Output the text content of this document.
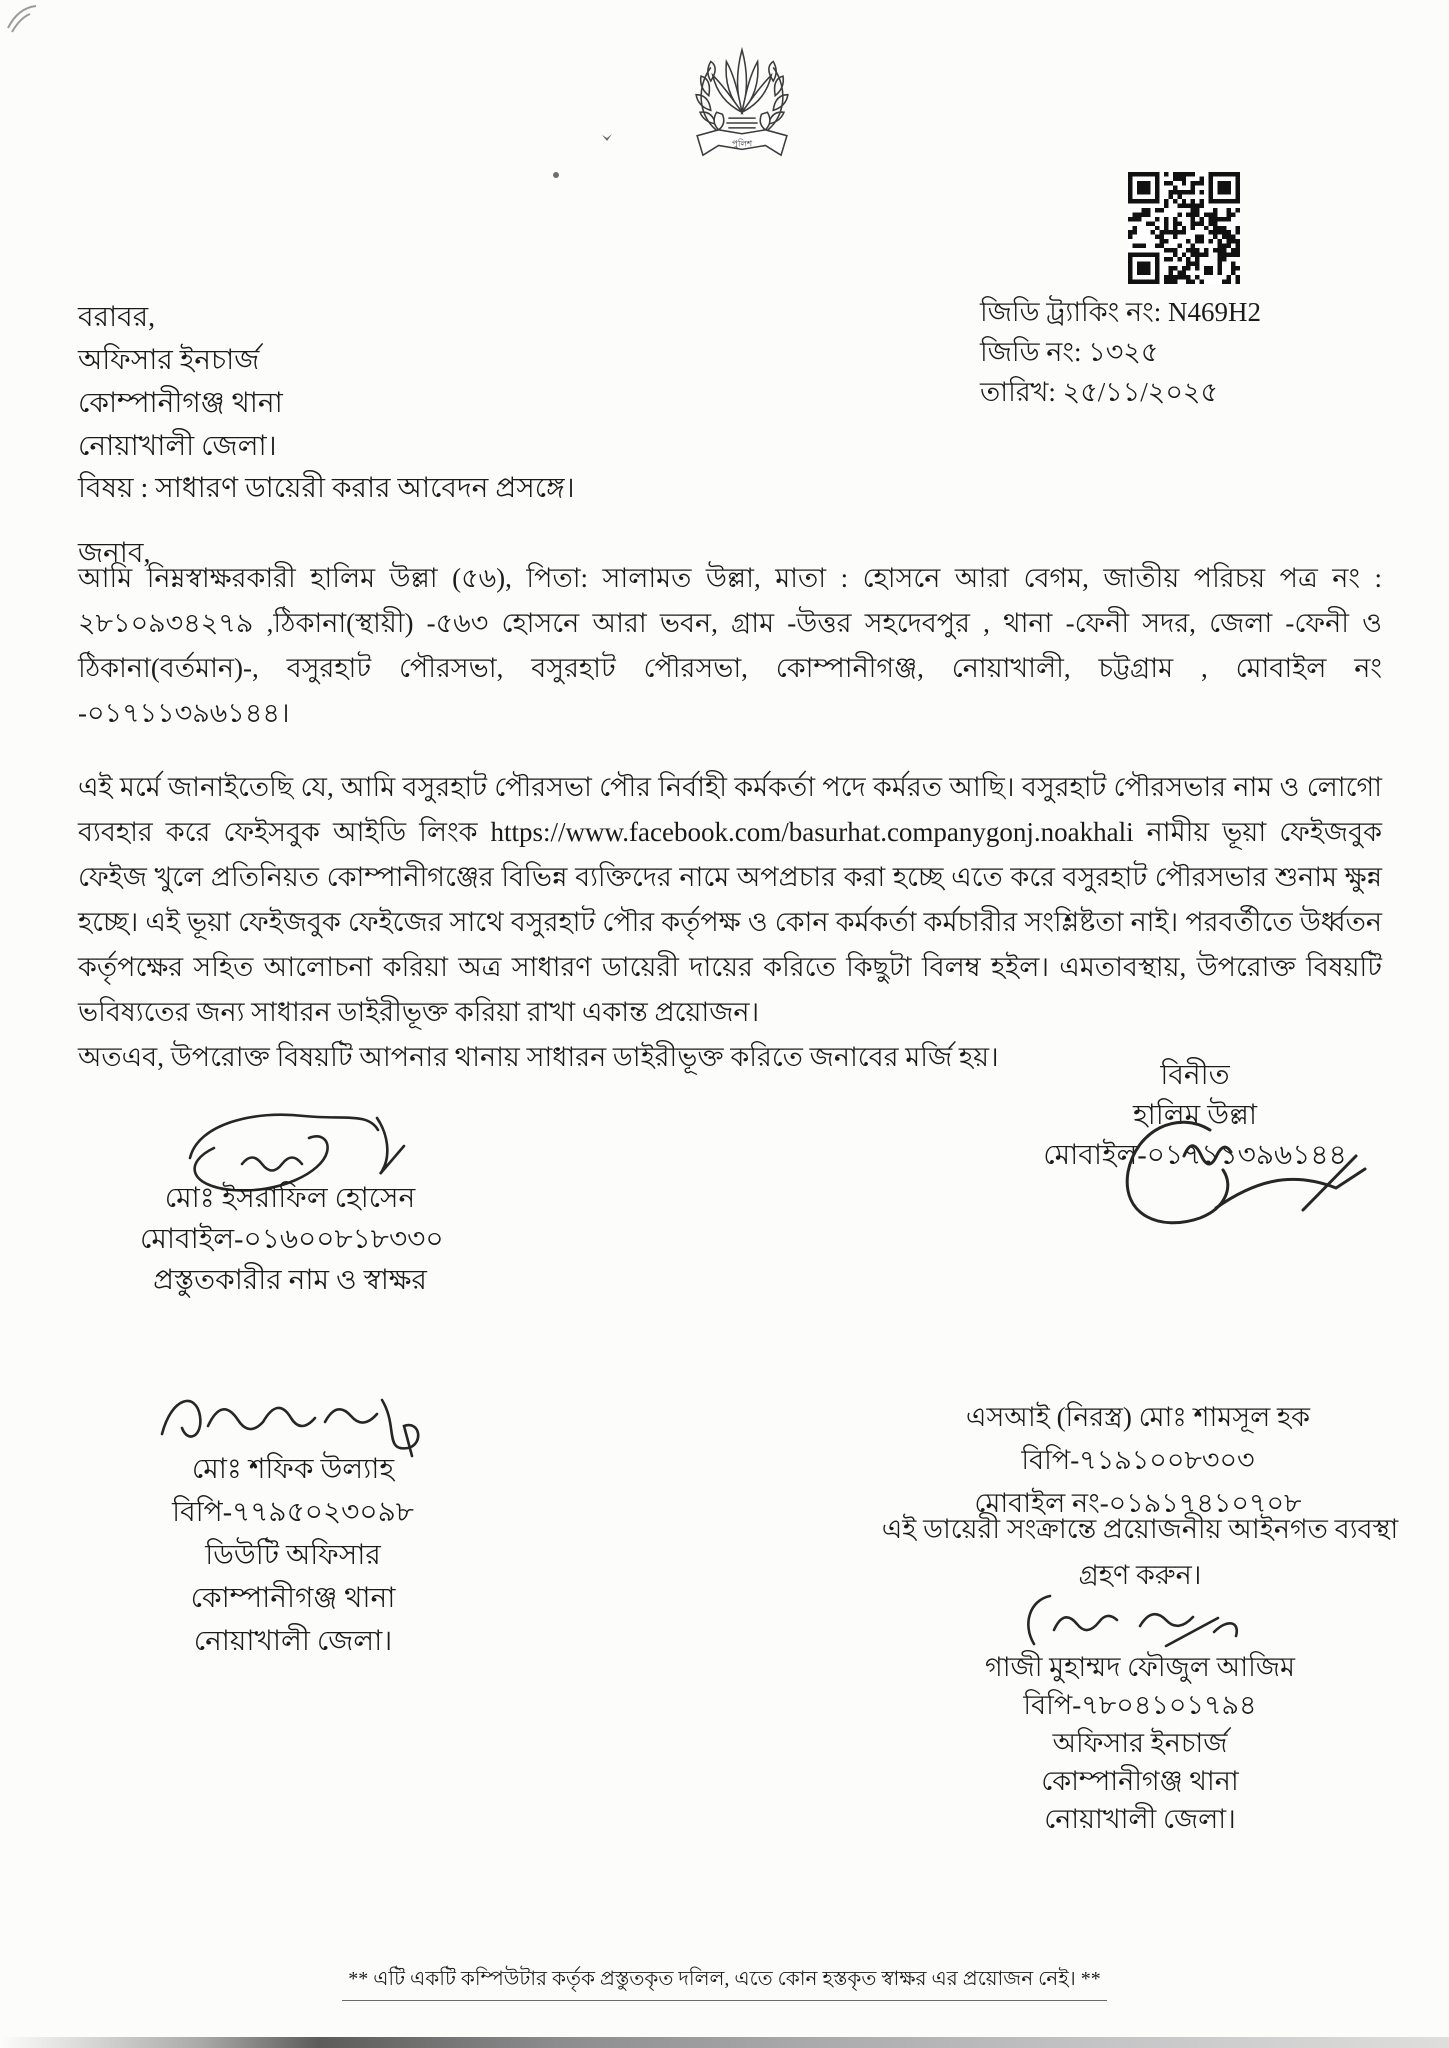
পুলিশ
জিডি ট্র্যাকিং নং: N469H2
জিডি নং: ১৩২৫
তারিখ: ২৫/১১/২০২৫
বরাবর,
অফিসার ইনচার্জ
কোম্পানীগঞ্জ থানা
নোয়াখালী জেলা।
বিষয় : সাধারণ ডায়েরী করার আবেদন প্রসঙ্গে।
জনাব,
আমি নিম্নস্বাক্ষরকারী হালিম উল্লা (৫৬), পিতা: সালামত উল্লা, মাতা : হোসনে আরা বেগম, জাতীয় পরিচয় পত্র নং : ২৮১০৯৩৪২৭৯ ,ঠিকানা(স্থায়ী) -৫৬৩ হোসনে আরা ভবন, গ্রাম -উত্তর সহদেবপুর , থানা -ফেনী সদর, জেলা -ফেনী ও ঠিকানা(বর্তমান)-, বসুরহাট পৌরসভা, বসুরহাট পৌরসভা, কোম্পানীগঞ্জ, নোয়াখালী, চট্টগ্রাম , মোবাইল নং -০১৭১১৩৯৬১৪৪।

এই মর্মে জানাইতেছি যে, আমি বসুরহাট পৌরসভা পৌর নির্বাহী কর্মকর্তা পদে কর্মরত আছি। বসুরহাট পৌরসভার নাম ও লোগো ব্যবহার করে ফেইসবুক আইডি লিংক https://www.facebook.com/basurhat.companygonj.noakhali নামীয় ভূয়া ফেইজবুক ফেইজ খুলে প্রতিনিয়ত কোম্পানীগঞ্জের বিভিন্ন ব্যক্তিদের নামে অপপ্রচার করা হচ্ছে এতে করে বসুরহাট পৌরসভার শুনাম ক্ষুন্ন হচ্ছে। এই ভূয়া ফেইজবুক ফেইজের সাথে বসুরহাট পৌর কর্তৃপক্ষ ও কোন কর্মকর্তা কর্মচারীর সংশ্লিষ্টতা নাই। পরবর্তীতে উর্ধ্বতন কর্তৃপক্ষের সহিত আলোচনা করিয়া অত্র সাধারণ ডায়েরী দায়ের করিতে কিছুটা বিলম্ব হইল। এমতাবস্থায়, উপরোক্ত বিষয়টি ভবিষ্যতের জন্য সাধারন ডাইরীভূক্ত করিয়া রাখা একান্ত প্রয়োজন।

অতএব, উপরোক্ত বিষয়টি আপনার থানায় সাধারন ডাইরীভূক্ত করিতে জনাবের মর্জি হয়।

বিনীত
হালিম উল্লা
মোবাইল-০১৭১১৩৯৬১৪৪
মোঃ ইসরাফিল হোসেন
মোবাইল-০১৬০০৮১৮৩৩০
প্রস্তুতকারীর নাম ও স্বাক্ষর
মোঃ শফিক উল্যাহ
বিপি-৭৭৯৫০২৩০৯৮
ডিউটি অফিসার
কোম্পানীগঞ্জ থানা
নোয়াখালী জেলা।
এসআই (নিরস্ত্র) মোঃ শামসূল হক বিপি-৭১৯১০০৮৩০৩
মোবাইল নং-০১৯১৭৪১০৭০৮
এই ডায়েরী সংক্রান্তে প্রয়োজনীয় আইনগত ব্যবস্থা গ্রহণ করুন।
গাজী মুহাম্মদ ফৌজুল আজিম
বিপি-৭৮০৪১০১৭৯৪
অফিসার ইনচার্জ
কোম্পানীগঞ্জ থানা
নোয়াখালী জেলা।
** এটি একটি কম্পিউটার কর্তৃক প্রস্তুতকৃত দলিল, এতে কোন হস্তকৃত স্বাক্ষর এর প্রয়োজন নেই। **
